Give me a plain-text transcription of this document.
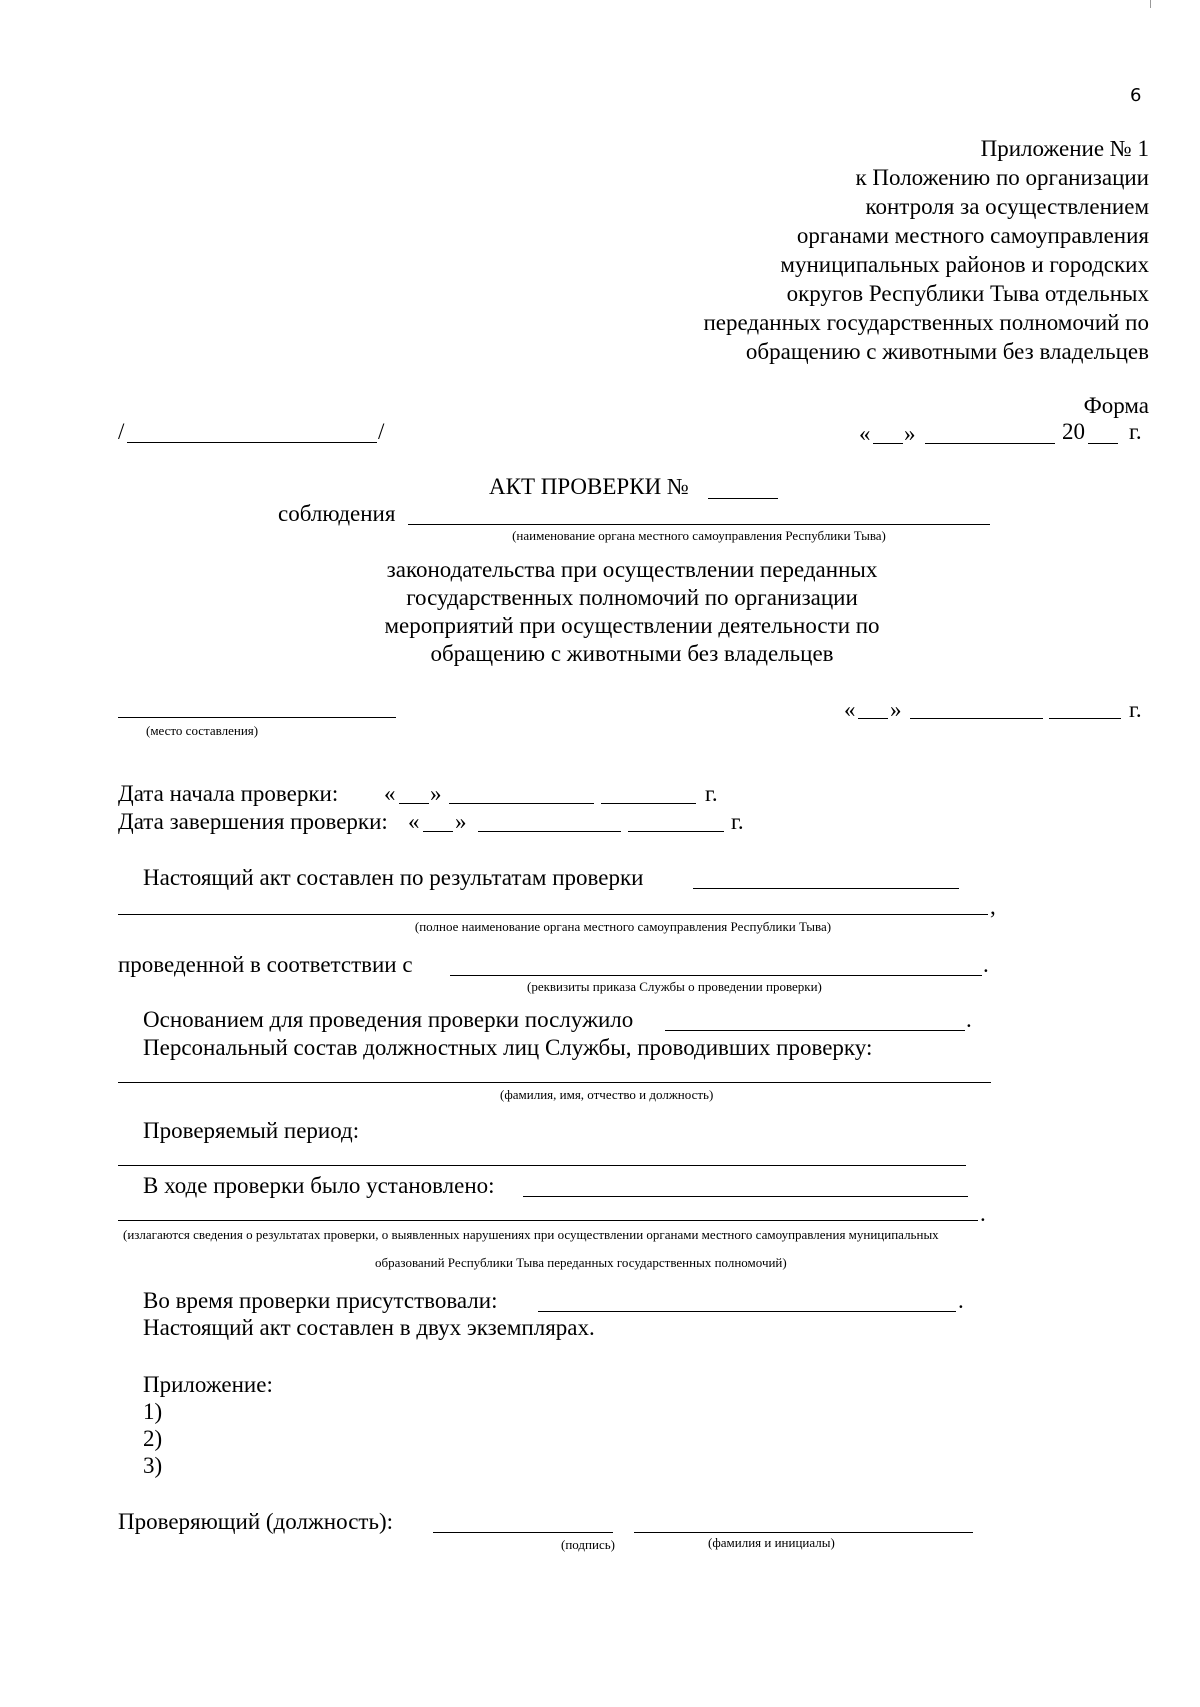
6
Приложение № 1
к Положению по организации
контроля за осуществлением
органами местного самоуправления
муниципальных районов и городских
округов Республики Тыва отдельных
переданных государственных полномочий по
обращению с животными без владельцев
Форма
/	/	« »	20 г.
АКТ ПРОВЕРКИ №
соблюдения
(наименование органа местного самоуправления Республики Тыва)
законодательства при осуществлении переданных
государственных полномочий по организации
мероприятий при осуществлении деятельности по
обращению с животными без владельцев
(место составления)
« »	г.
Дата начала проверки: « »	г.
Дата завершения проверки: « »	г.
Настоящий акт составлен по результатам проверки
,
(полное наименование органа местного самоуправления Республики Тыва)
проведенной в соответствии с	.
(реквизиты приказа Службы о проведении проверки)
Основанием для проведения проверки послужило	.
Персональный состав должностных лиц Службы, проводивших проверку:
(фамилия, имя, отчество и должность)
Проверяемый период:
В ходе проверки было установлено:
.
(излагаются сведения о результатах проверки, о выявленных нарушениях при осуществлении органами местного самоуправления муниципальных
образований Республики Тыва переданных государственных полномочий)
Во время проверки присутствовали:	.
Настоящий акт составлен в двух экземплярах.
Приложение:
1)
2)
3)
Проверяющий (должность):
(подпись)	(фамилия и инициалы)
